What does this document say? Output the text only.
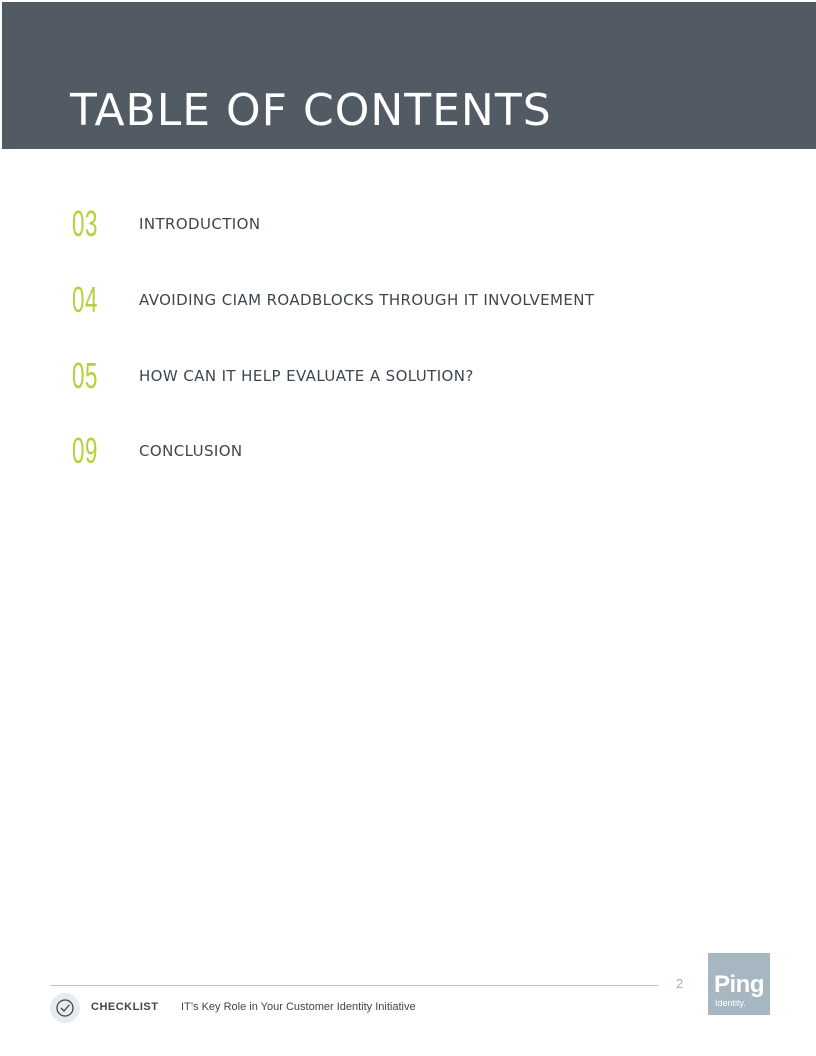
TABLE OF CONTENTS
03	INTRODUCTION
04	AVOIDING CIAM ROADBLOCKS THROUGH IT INVOLVEMENT
05	HOW CAN IT HELP EVALUATE A SOLUTION?
09	CONCLUSION
2
CHECKLIST IT’s Key Role in Your Customer Identity Initiative
Ping
Identity.
